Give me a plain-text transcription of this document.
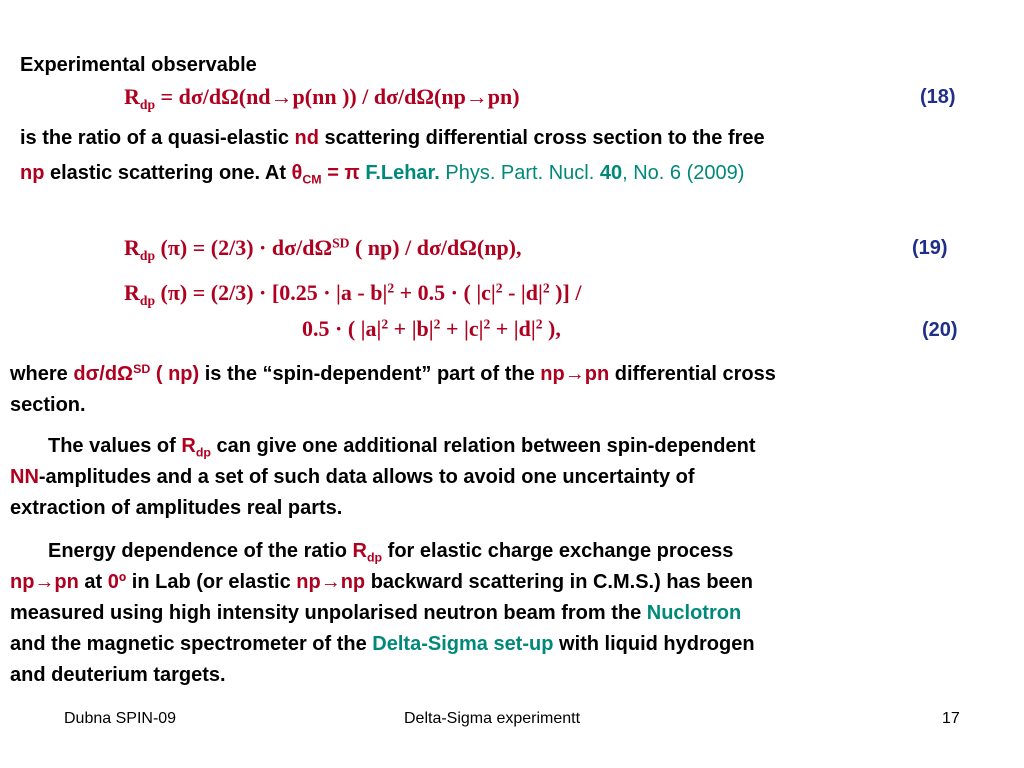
Experimental observable
$R_{dp} = d\sigma/d\Omega(nd\to p(nn$ )) / dσ/dΩ(np→pn)	(18)
is the ratio of a quasi-elastic nd scattering differential cross section to the free
np elastic scattering one. At $\theta_{CM} = \pi$ F.Lehar. Phys. Part. Nucl. 40, No. 6 (2009)
$R_{dp}$ $(\pi) = (2/3) \cdot d\sigma/d\Omega^{SD}$ ( np) / dσ/dΩ(np),	(19)
$R_{dp}$ $(\pi) = (2/3) \cdot [0.25 \cdot |a - b|^2 + 0.5$ · ( $|c|^2 - |d|^2$ )] /
0.5 · ( $|a|^2 + |b|^2 + |c|^2 + |d|^2$ ),	(20)
where $d\sigma/d\Omega^{SD}$ ( np) is the “spin-dependent” part of the np→pn differential cross
section.
The values of $R_{dp}$ can give one additional relation between spin-dependent
NN-amplitudes and a set of such data allows to avoid one uncertainty of
extraction of amplitudes real parts.
Energy dependence of the ratio $R_{dp}$ for elastic charge exchange process
np→pn at 0º in Lab (or elastic np→np backward scattering in C.M.S.) has been
measured using high intensity unpolarised neutron beam from the Nuclotron
and the magnetic spectrometer of the Delta-Sigma set-up with liquid hydrogen
and deuterium targets.
Dubna SPIN-09	Delta-Sigma experimentt	17
